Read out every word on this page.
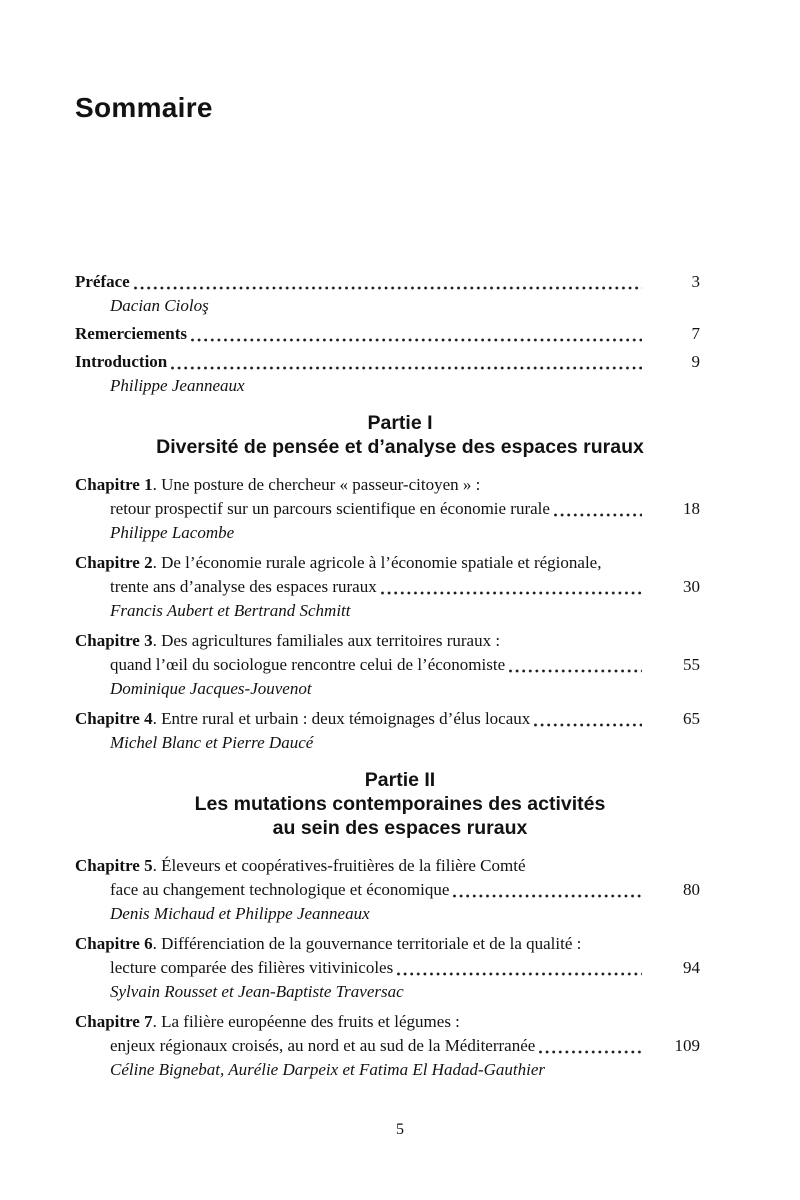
Sommaire
Préface	3
Dacian Cioloş
Remerciements	7
Introduction	9
Philippe Jeanneaux
Partie I
Diversité de pensée et d’analyse des espaces ruraux
Chapitre 1. Une posture de chercheur « passeur-citoyen » :
retour prospectif sur un parcours scientifique en économie rurale	18
Philippe Lacombe
Chapitre 2. De l’économie rurale agricole à l’économie spatiale et régionale,
trente ans d’analyse des espaces ruraux	30
Francis Aubert et Bertrand Schmitt
Chapitre 3. Des agricultures familiales aux territoires ruraux :
quand l’œil du sociologue rencontre celui de l’économiste	55
Dominique Jacques-Jouvenot
Chapitre 4. Entre rural et urbain : deux témoignages d’élus locaux	65
Michel Blanc et Pierre Daucé
Partie II
Les mutations contemporaines des activités
au sein des espaces ruraux
Chapitre 5. Éleveurs et coopératives-fruitières de la filière Comté
face au changement technologique et économique	80
Denis Michaud et Philippe Jeanneaux
Chapitre 6. Différenciation de la gouvernance territoriale et de la qualité :
lecture comparée des filières vitivinicoles	94
Sylvain Rousset et Jean-Baptiste Traversac
Chapitre 7. La filière européenne des fruits et légumes :
enjeux régionaux croisés, au nord et au sud de la Méditerranée	109
Céline Bignebat, Aurélie Darpeix et Fatima El Hadad-Gauthier
5
